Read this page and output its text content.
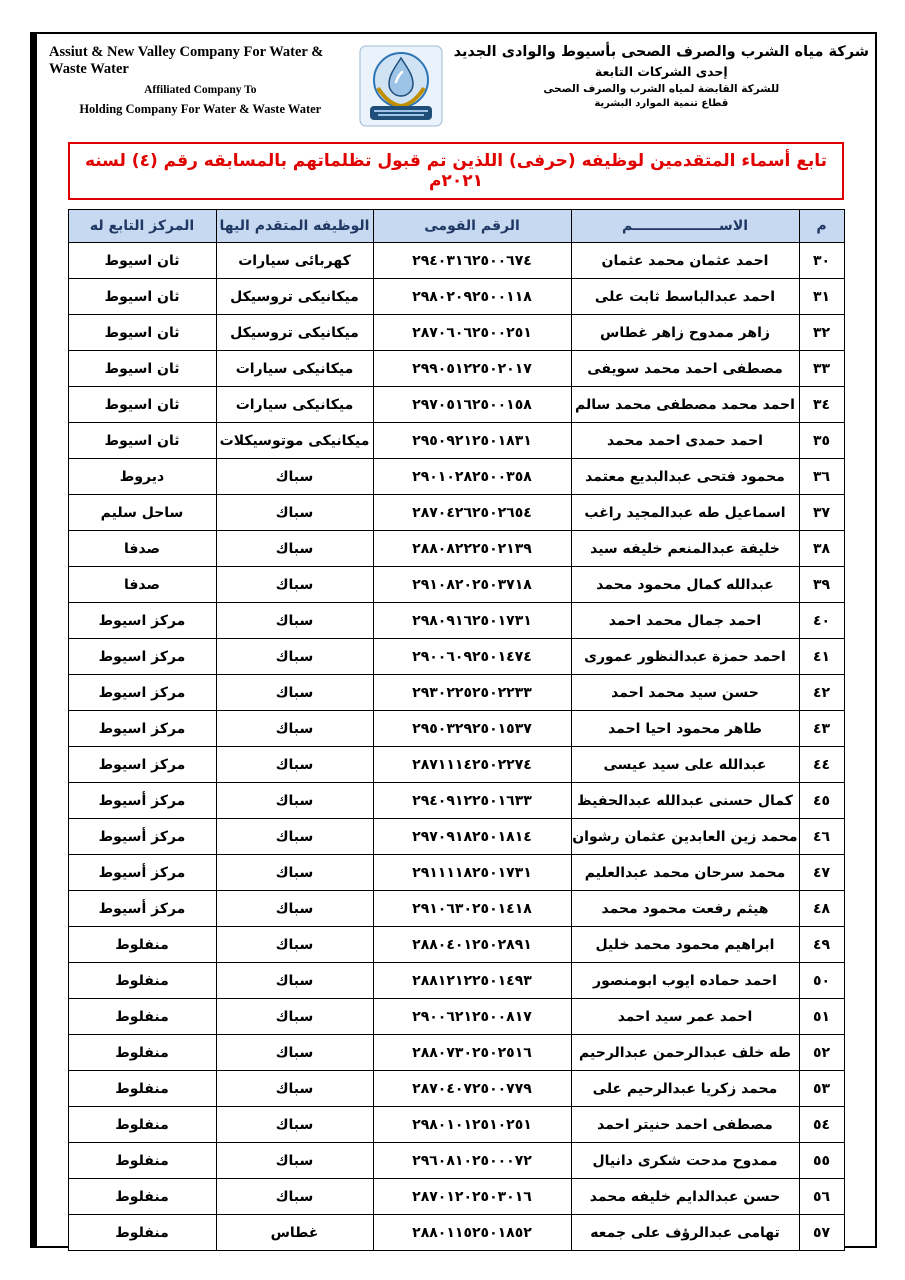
Assiut & New Valley Company For Water & Waste Water
Affiliated Company To
Holding Company For Water & Waste Water
شركة مياه الشرب والصرف الصحى بأسيوط والوادى الجديد
إحدى الشركات التابعة
للشركة القابضة لمياه الشرب والصرف الصحى
قطاع تنمية الموارد البشرية
تابع أسماء المتقدمين لوظيفه (حرفى) اللذين تم قبول تظلماتهم بالمسابقه رقم (٤) لسنه ٢٠٢١م
م	الاســــــــــــــــــم	الرقم القومى	الوظيفه المتقدم اليها	المركز التابع له
٣٠	احمد عثمان محمد عثمان	٢٩٤٠٣١٦٢٥٠٠٦٧٤	كهربائى سيارات	ثان اسيوط
٣١	احمد عبدالباسط ثابت على	٢٩٨٠٢٠٩٢٥٠٠١١٨	ميكانيكى تروسيكل	ثان اسيوط
٣٢	زاهر ممدوح زاهر غطاس	٢٨٧٠٦٠٦٢٥٠٠٢٥١	ميكانيكى تروسيكل	ثان اسيوط
٣٣	مصطفى احمد محمد سويفى	٢٩٩٠٥١٢٢٥٠٢٠١٧	ميكانيكى سيارات	ثان اسيوط
٣٤	احمد محمد مصطفى محمد سالم	٢٩٧٠٥١٦٢٥٠٠١٥٨	ميكانيكى سيارات	ثان اسيوط
٣٥	احمد حمدى احمد محمد	٢٩٥٠٩٢١٢٥٠١٨٣١	ميكانيكى موتوسيكلات	ثان اسيوط
٣٦	محمود فتحى عبدالبديع معتمد	٢٩٠١٠٢٨٢٥٠٠٣٥٨	سباك	ديروط
٣٧	اسماعيل طه عبدالمجيد راغب	٢٨٧٠٤٢٦٢٥٠٢٦٥٤	سباك	ساحل سليم
٣٨	خليفة عبدالمنعم خليفه سيد	٢٨٨٠٨٢٢٢٥٠٢١٣٩	سباك	صدفا
٣٩	عبدالله كمال محمود محمد	٢٩١٠٨٢٠٢٥٠٣٧١٨	سباك	صدفا
٤٠	احمد جمال محمد احمد	٢٩٨٠٩١٦٢٥٠١٧٣١	سباك	مركز اسيوط
٤١	احمد حمزة عبدالنظور عمورى	٢٩٠٠٦٠٩٢٥٠١٤٧٤	سباك	مركز اسيوط
٤٢	حسن سيد محمد احمد	٢٩٣٠٢٢٥٢٥٠٢٢٣٣	سباك	مركز اسيوط
٤٣	طاهر محمود احيا احمد	٢٩٥٠٣٢٩٢٥٠١٥٣٧	سباك	مركز اسيوط
٤٤	عبدالله على سيد عيسى	٢٨٧١١١٤٢٥٠٢٢٧٤	سباك	مركز اسيوط
٤٥	كمال حسنى عبدالله عبدالحفيظ	٢٩٤٠٩١٢٢٥٠١٦٣٣	سباك	مركز أسيوط
٤٦	محمد زين العابدين عثمان رشوان	٢٩٧٠٩١٨٢٥٠١٨١٤	سباك	مركز أسيوط
٤٧	محمد سرحان محمد عبدالعليم	٢٩١١١١٨٢٥٠١٧٣١	سباك	مركز أسيوط
٤٨	هيثم رفعت محمود محمد	٢٩١٠٦٣٠٢٥٠١٤١٨	سباك	مركز أسيوط
٤٩	ابراهيم محمود محمد خليل	٢٨٨٠٤٠١٢٥٠٢٨٩١	سباك	منفلوط
٥٠	احمد حماده ايوب ابومنصور	٢٨٨١٢١٢٢٥٠١٤٩٣	سباك	منفلوط
٥١	احمد عمر سيد احمد	٢٩٠٠٦٢١٢٥٠٠٨١٧	سباك	منفلوط
٥٢	طه خلف عبدالرحمن عبدالرحيم	٢٨٨٠٧٣٠٢٥٠٢٥١٦	سباك	منفلوط
٥٣	محمد زكريا عبدالرحيم على	٢٨٧٠٤٠٧٢٥٠٠٧٧٩	سباك	منفلوط
٥٤	مصطفى احمد حنيتر احمد	٢٩٨٠١٠١٢٥١٠٢٥١	سباك	منفلوط
٥٥	ممدوح مدحت شكرى دانيال	٢٩٦٠٨١٠٢٥٠٠٠٧٢	سباك	منفلوط
٥٦	حسن عبدالدايم خليفه محمد	٢٨٧٠١٢٠٢٥٠٣٠١٦	سباك	منفلوط
٥٧	تهامى عبدالرؤف على جمعه	٢٨٨٠١١٥٢٥٠١٨٥٢	غطاس	منفلوط
